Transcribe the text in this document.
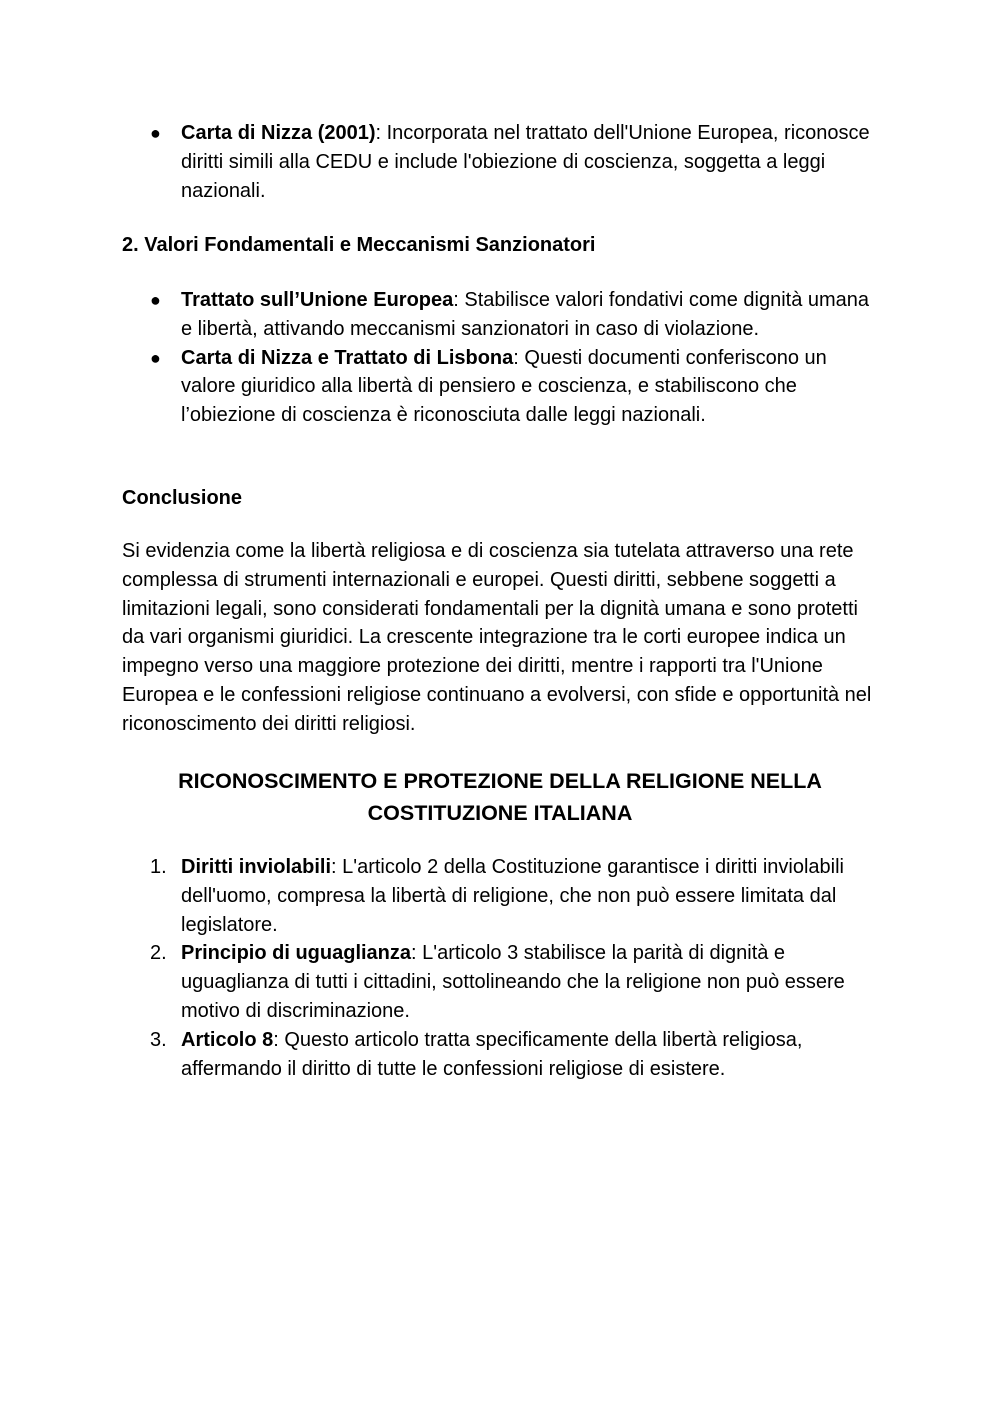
● Carta di Nizza (2001): Incorporata nel trattato dell'Unione Europea, riconosce diritti simili alla CEDU e include l'obiezione di coscienza, soggetta a leggi nazionali.

2. Valori Fondamentali e Meccanismi Sanzionatori

● Trattato sull’Unione Europea: Stabilisce valori fondativi come dignità umana e libertà, attivando meccanismi sanzionatori in caso di violazione.
● Carta di Nizza e Trattato di Lisbona: Questi documenti conferiscono un valore giuridico alla libertà di pensiero e coscienza, e stabiliscono che l’obiezione di coscienza è riconosciuta dalle leggi nazionali.

Conclusione

Si evidenzia come la libertà religiosa e di coscienza sia tutelata attraverso una rete complessa di strumenti internazionali e europei. Questi diritti, sebbene soggetti a limitazioni legali, sono considerati fondamentali per la dignità umana e sono protetti da vari organismi giuridici. La crescente integrazione tra le corti europee indica un impegno verso una maggiore protezione dei diritti, mentre i rapporti tra l'Unione Europea e le confessioni religiose continuano a evolversi, con sfide e opportunità nel riconoscimento dei diritti religiosi.

RICONOSCIMENTO E PROTEZIONE DELLA RELIGIONE NELLA
COSTITUZIONE ITALIANA
1. Diritti inviolabili: L'articolo 2 della Costituzione garantisce i diritti inviolabili dell'uomo, compresa la libertà di religione, che non può essere limitata dal legislatore.
2. Principio di uguaglianza: L'articolo 3 stabilisce la parità di dignità e uguaglianza di tutti i cittadini, sottolineando che la religione non può essere motivo di discriminazione.
3. Articolo 8: Questo articolo tratta specificamente della libertà religiosa, affermando il diritto di tutte le confessioni religiose di esistere.
